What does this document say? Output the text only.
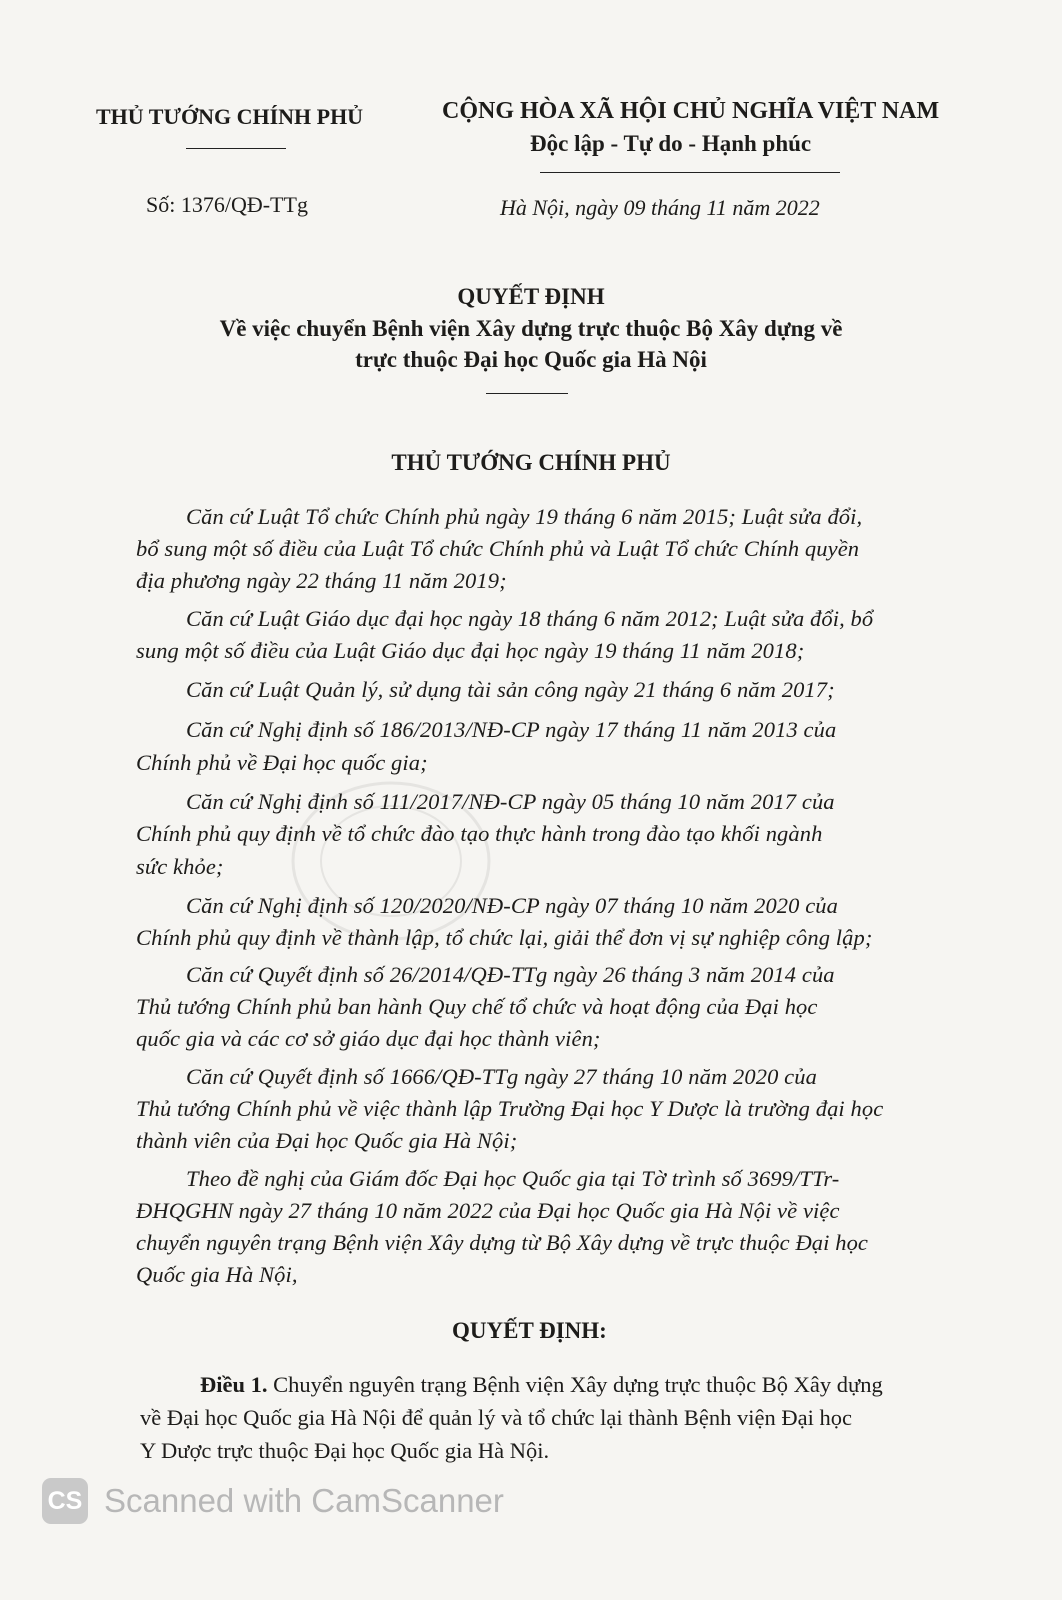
THỦ TƯỚNG CHÍNH PHỦ	CỘNG HÒA XÃ HỘI CHỦ NGHĨA VIỆT NAM
Độc lập - Tự do - Hạnh phúc
Số: 1376/QĐ-TTg	Hà Nội, ngày 09 tháng 11 năm 2022
QUYẾT ĐỊNH
Về việc chuyển Bệnh viện Xây dựng trực thuộc Bộ Xây dựng về
trực thuộc Đại học Quốc gia Hà Nội
THỦ TƯỚNG CHÍNH PHỦ
Căn cứ Luật Tổ chức Chính phủ ngày 19 tháng 6 năm 2015; Luật sửa đổi,
bổ sung một số điều của Luật Tổ chức Chính phủ và Luật Tổ chức Chính quyền
địa phương ngày 22 tháng 11 năm 2019;
Căn cứ Luật Giáo dục đại học ngày 18 tháng 6 năm 2012; Luật sửa đổi, bổ
sung một số điều của Luật Giáo dục đại học ngày 19 tháng 11 năm 2018;
Căn cứ Luật Quản lý, sử dụng tài sản công ngày 21 tháng 6 năm 2017;
Căn cứ Nghị định số 186/2013/NĐ-CP ngày 17 tháng 11 năm 2013 của
Chính phủ về Đại học quốc gia;
Căn cứ Nghị định số 111/2017/NĐ-CP ngày 05 tháng 10 năm 2017 của
Chính phủ quy định về tổ chức đào tạo thực hành trong đào tạo khối ngành
sức khỏe;
Căn cứ Nghị định số 120/2020/NĐ-CP ngày 07 tháng 10 năm 2020 của
Chính phủ quy định về thành lập, tổ chức lại, giải thể đơn vị sự nghiệp công lập;
Căn cứ Quyết định số 26/2014/QĐ-TTg ngày 26 tháng 3 năm 2014 của
Thủ tướng Chính phủ ban hành Quy chế tổ chức và hoạt động của Đại học
quốc gia và các cơ sở giáo dục đại học thành viên;
Căn cứ Quyết định số 1666/QĐ-TTg ngày 27 tháng 10 năm 2020 của
Thủ tướng Chính phủ về việc thành lập Trường Đại học Y Dược là trường đại học
thành viên của Đại học Quốc gia Hà Nội;
Theo đề nghị của Giám đốc Đại học Quốc gia tại Tờ trình số 3699/TTr-
ĐHQGHN ngày 27 tháng 10 năm 2022 của Đại học Quốc gia Hà Nội về việc
chuyển nguyên trạng Bệnh viện Xây dựng từ Bộ Xây dựng về trực thuộc Đại học
Quốc gia Hà Nội,
QUYẾT ĐỊNH:
Điều 1. Chuyển nguyên trạng Bệnh viện Xây dựng trực thuộc Bộ Xây dựng
về Đại học Quốc gia Hà Nội để quản lý và tổ chức lại thành Bệnh viện Đại học
Y Dược trực thuộc Đại học Quốc gia Hà Nội.
CS Scanned with CamScanner
